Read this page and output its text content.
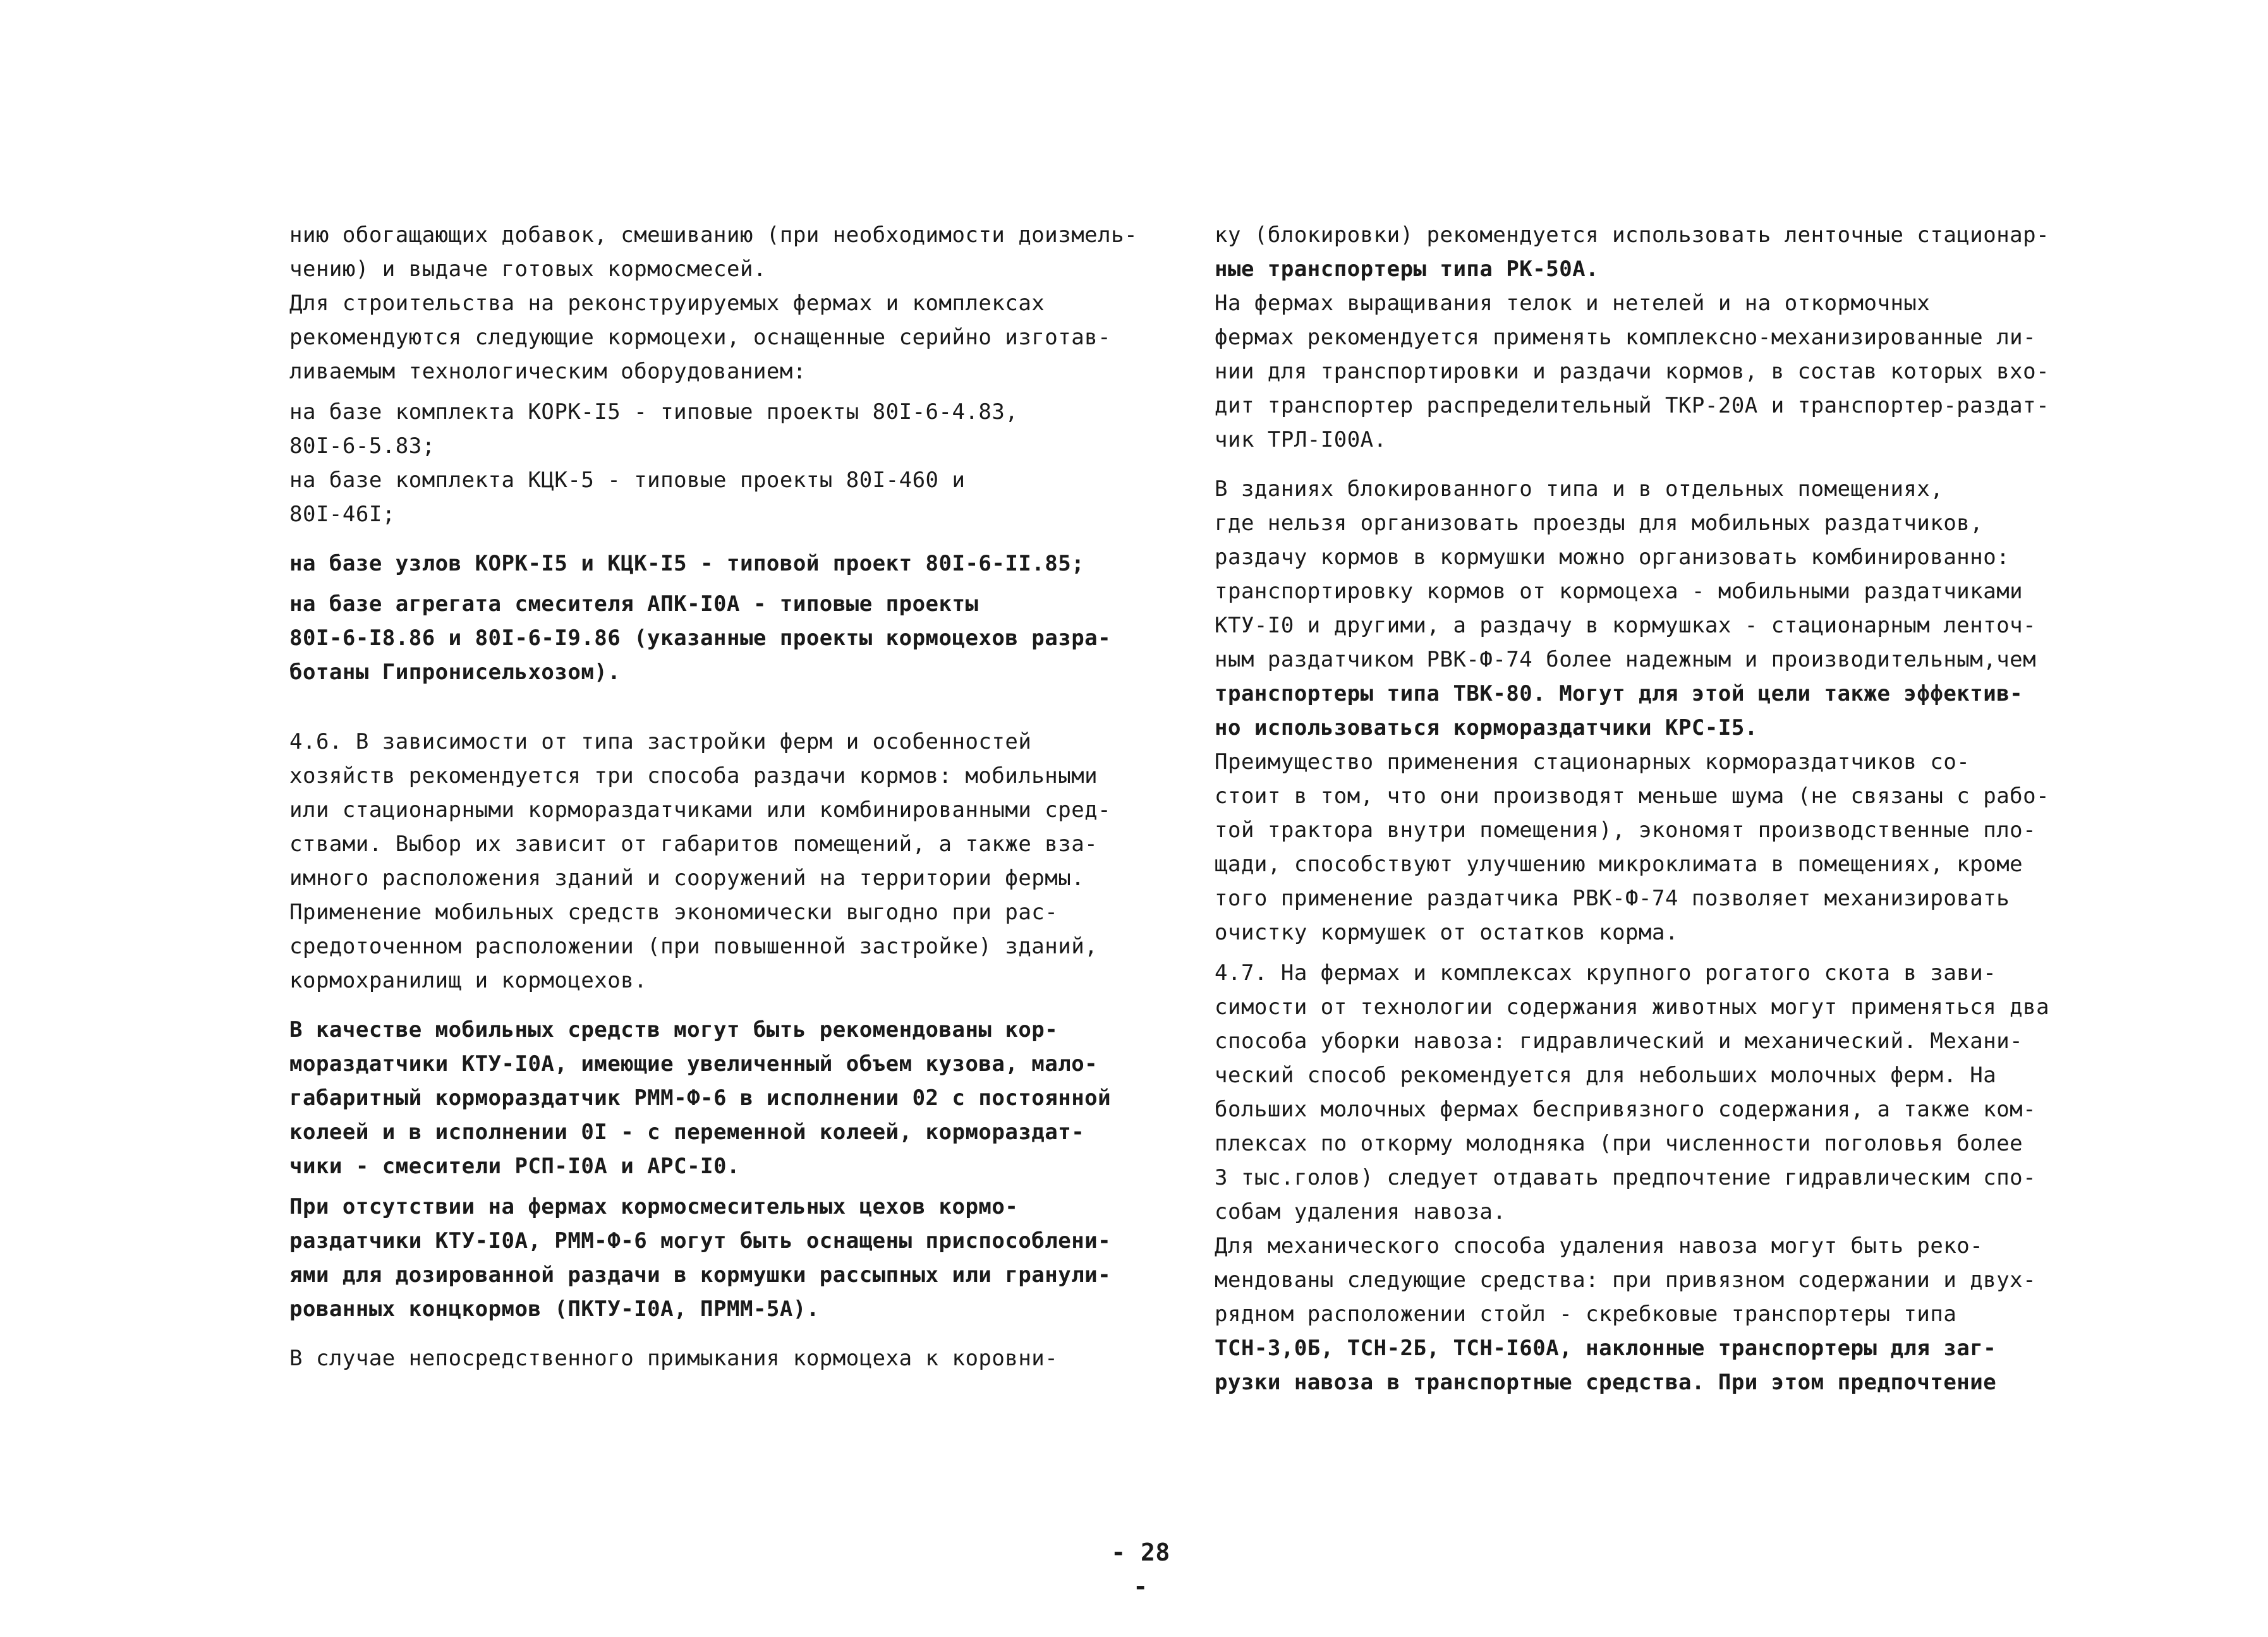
нию обогащающих добавок, смешиванию (при необходимости доизмель-
чению) и выдаче готовых кормосмесей.
Для строительства на реконструируемых фермах и комплексах
рекомендуются следующие кормоцехи, оснащенные серийно изготав-
ливаемым технологическим оборудованием:
на базе комплекта КОРК-I5 - типовые проекты 80I-6-4.83,
80I-6-5.83;
на базе комплекта КЦК-5 - типовые проекты 80I-460 и
80I-46I;
на базе узлов КОРК-I5 и КЦК-I5 - типовой проект 80I-6-II.85;
на базе агрегата смесителя АПК-I0А - типовые проекты
80I-6-I8.86 и 80I-6-I9.86 (указанные проекты кормоцехов разра-
ботаны Гипронисельхозом).
4.6. В зависимости от типа застройки ферм и особенностей
хозяйств рекомендуется три способа раздачи кормов: мобильными
или стационарными кормораздатчиками или комбинированными сред-
ствами. Выбор их зависит от габаритов помещений, а также вза-
имного расположения зданий и сооружений на территории фермы.
Применение мобильных средств экономически выгодно при рас-
средоточенном расположении (при повышенной застройке) зданий,
кормохранилищ и кормоцехов.
В качестве мобильных средств могут быть рекомендованы кор-
мораздатчики КТУ-I0А, имеющие увеличенный объем кузова, мало-
габаритный кормораздатчик РММ-Ф-6 в исполнении 02 с постоянной
колеей и в исполнении 0I - с переменной колеей, кормораздат-
чики - смесители РСП-I0А и АРС-I0.
При отсутствии на фермах кормосмесительных цехов кормо-
раздатчики КТУ-I0А, РММ-Ф-6 могут быть оснащены приспособлени-
ями для дозированной раздачи в кормушки рассыпных или гранули-
рованных концкормов (ПКТУ-I0А, ПРММ-5А).
В случае непосредственного примыкания кормоцеха к коровни-
ку (блокировки) рекомендуется использовать ленточные стационар-
ные транспортеры типа РК-50А.
На фермах выращивания телок и нетелей и на откормочных
фермах рекомендуется применять комплексно-механизированные ли-
нии для транспортировки и раздачи кормов, в состав которых вхо-
дит транспортер распределительный ТКР-20А и транспортер-раздат-
чик ТРЛ-I00А.
В зданиях блокированного типа и в отдельных помещениях,
где нельзя организовать проезды для мобильных раздатчиков,
раздачу кормов в кормушки можно организовать комбинированно:
транспортировку кормов от кормоцеха - мобильными раздатчиками
КТУ-I0 и другими, а раздачу в кормушках - стационарным ленточ-
ным раздатчиком РВК-Ф-74 более надежным и производительным,чем
транспортеры типа ТВК-80. Могут для этой цели также эффектив-
но использоваться кормораздатчики КРС-I5.
Преимущество применения стационарных кормораздатчиков со-
стоит в том, что они производят меньше шума (не связаны с рабо-
той трактора внутри помещения), экономят производственные пло-
щади, способствуют улучшению микроклимата в помещениях, кроме
того применение раздатчика РВК-Ф-74 позволяет механизировать
очистку кормушек от остатков корма.
4.7. На фермах и комплексах крупного рогатого скота в зави-
симости от технологии содержания животных могут применяться два
способа уборки навоза: гидравлический и механический. Механи-
ческий способ рекомендуется для небольших молочных ферм. На
больших молочных фермах беспривязного содержания, а также ком-
плексах по откорму молодняка (при численности поголовья более
3 тыс.голов) следует отдавать предпочтение гидравлическим спо-
собам удаления навоза.
Для механического способа удаления навоза могут быть реко-
мендованы следующие средства: при привязном содержании и двух-
рядном расположении стойл - скребковые транспортеры типа
ТСН-3,0Б, ТСН-2Б, ТСН-I60А, наклонные транспортеры для заг-
рузки навоза в транспортные средства. При этом предпочтение
- 28 -
